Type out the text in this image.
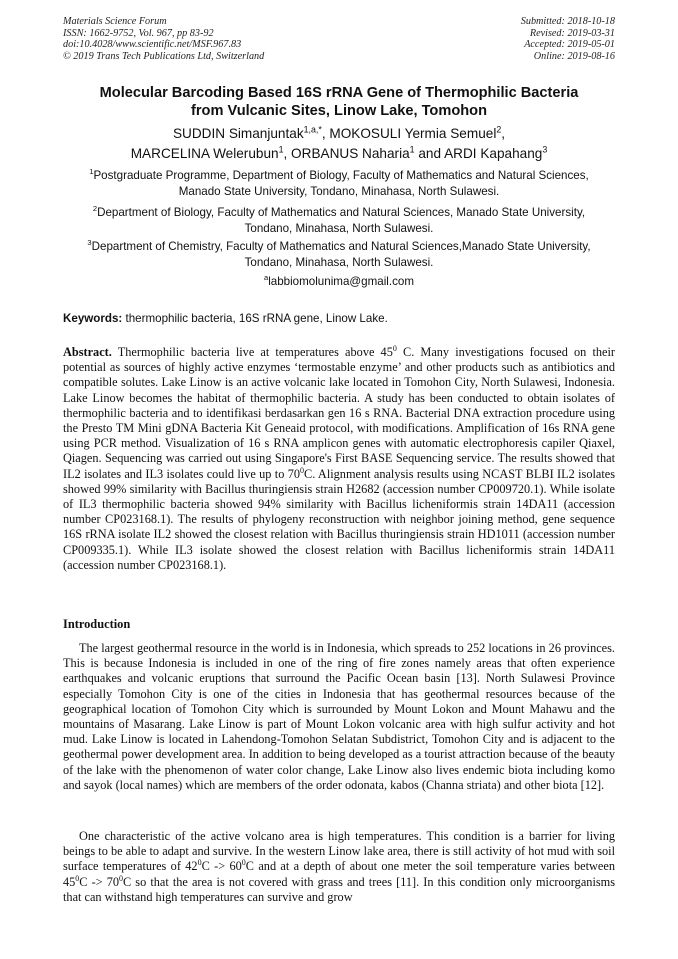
Materials Science Forum
ISSN: 1662-9752, Vol. 967, pp 83-92
doi:10.4028/www.scientific.net/MSF.967.83
© 2019 Trans Tech Publications Ltd, Switzerland
Submitted: 2018-10-18
Revised: 2019-03-31
Accepted: 2019-05-01
Online: 2019-08-16
Molecular Barcoding Based 16S rRNA Gene of Thermophilic Bacteria
from Vulcanic Sites, Linow Lake, Tomohon
SUDDIN Simanjuntak$^{1,a,*}$, MOKOSULI Yermia Semuel$^2$,
MARCELINA Welerubun$^1$, ORBANUS Naharia$^1$ and ARDI Kapahang$^3$
$^1$Postgraduate Programme, Department of Biology, Faculty of Mathematics and Natural Sciences,
Manado State University, Tondano, Minahasa, North Sulawesi.
$^2$Department of Biology, Faculty of Mathematics and Natural Sciences, Manado State University,
Tondano, Minahasa, North Sulawesi.
$^3$Department of Chemistry, Faculty of Mathematics and Natural Sciences,Manado State University,
Tondano, Minahasa, North Sulawesi.
$^a$labbiomolunima@gmail.com
Keywords: thermophilic bacteria, 16S rRNA gene, Linow Lake.

Abstract. Thermophilic bacteria live at temperatures above $45^0$ C. Many investigations focused on their potential as sources of highly active enzymes ‘termostable enzyme’ and other products such as antibiotics and compatible solutes. Lake Linow is an active volcanic lake located in Tomohon City, North Sulawesi, Indonesia. Lake Linow becomes the habitat of thermophilic bacteria. A study has been conducted to obtain isolates of thermophilic bacteria and to identifikasi berdasarkan gen 16 s RNA. Bacterial DNA extraction procedure using the Presto TM Mini gDNA Bacteria Kit Geneaid protocol, with modifications. Amplification of 16s RNA gene using PCR method. Visualization of 16 s RNA amplicon genes with automatic electrophoresis capiler Qiaxel, Qiagen. Sequencing was carried out using Singapore's First BASE Sequencing service. The results showed that IL2 isolates and IL3 isolates could live up to $70^0C$. Alignment analysis results using NCAST BLBI IL2 isolates showed 99% similarity with Bacillus thuringiensis strain H2682 (accession number CP009720.1). While isolate of IL3 thermophilic bacteria showed 94% similarity with Bacillus licheniformis strain 14DA11 (accession number CP023168.1). The results of phylogeny reconstruction with neighbor joining method, gene sequence 16S rRNA isolate IL2 showed the closest relation with Bacillus thuringiensis strain HD1011 (accession number CP009335.1). While IL3 isolate showed the closest relation with Bacillus licheniformis strain 14DA11 (accession number CP023168.1).

Introduction

The largest geothermal resource in the world is in Indonesia, which spreads to 252 locations in 26 provinces. This is because Indonesia is included in one of the ring of fire zones namely areas that often experience earthquakes and volcanic eruptions that surround the Pacific Ocean basin [13]. North Sulawesi Province especially Tomohon City is one of the cities in Indonesia that has geothermal resources because of the geographical location of Tomohon City which is surrounded by Mount Lokon and Mount Mahawu and the mountains of Masarang. Lake Linow is part of Mount Lokon volcanic area with high sulfur activity and hot mud. Lake Linow is located in Lahendong-Tomohon Selatan Subdistrict, Tomohon City and is adjacent to the geothermal power development area. In addition to being developed as a tourist attraction because of the beauty of the lake with the phenomenon of water color change, Lake Linow also lives endemic biota including komo and sayok (local names) which are members of the order odonata, kabos (Channa striata) and other biota [12].

One characteristic of the active volcano area is high temperatures. This condition is a barrier for living beings to be able to adapt and survive. In the western Linow lake area, there is still activity of hot mud with soil surface temperatures of $42^0C -> 60^0C$ and at a depth of about one meter the soil temperature varies between $45^0C -> 70^0C$ so that the area is not covered with grass and trees [11]. In this condition only microorganisms that can withstand high temperatures can survive and grow
